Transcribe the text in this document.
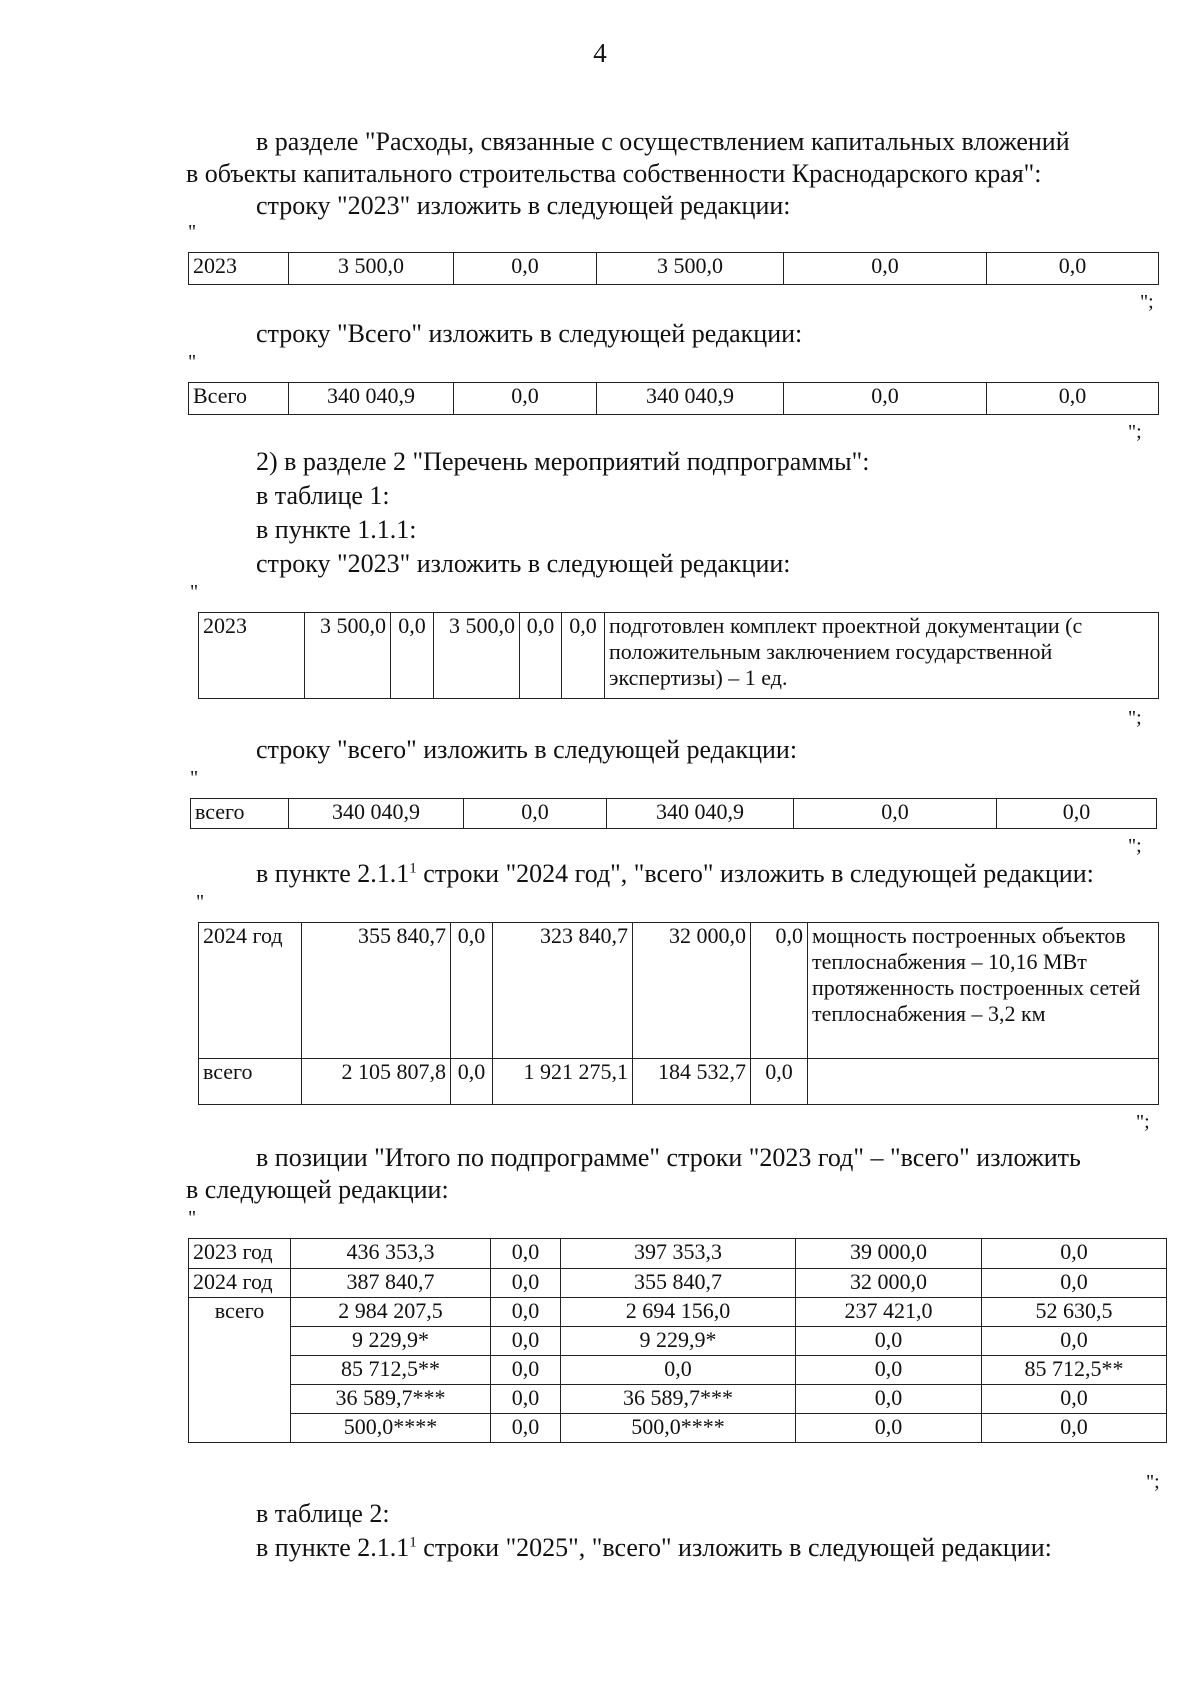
4
в разделе "Расходы, связанные с осуществлением капитальных вложений
в объекты капитального строительства собственности Краснодарского края":
строку "2023" изложить в следующей редакции:
"
2023	3 500,0	0,0	3 500,0	0,0	0,0
";
строку "Всего" изложить в следующей редакции:
"
Всего	340 040,9	0,0	340 040,9	0,0	0,0
";
2) в разделе 2 "Перечень мероприятий подпрограммы":
в таблице 1:
в пункте 1.1.1:
строку "2023" изложить в следующей редакции:
"
2023	3 500,0	0,0	3 500,0	0,0	0,0	подготовлен комплект проектной документации (с положительным заключением государственной экспертизы) – 1 ед.
";
строку "всего" изложить в следующей редакции:
"
всего	340 040,9	0,0	340 040,9	0,0	0,0
";
в пункте 2.1.1$^1$ строки "2024 год", "всего" изложить в следующей редакции:
"
2024 год	355 840,7	0,0	323 840,7	32 000,0	0,0	мощность построенных объектов теплоснабжения – 10,16 МВт протяженность построенных сетей теплоснабжения – 3,2 км
всего	2 105 807,8	0,0	1 921 275,1	184 532,7	0,0	
";
в позиции "Итого по подпрограмме" строки "2023 год" – "всего" изложить
в следующей редакции:
"
2023 год	436 353,3	0,0	397 353,3	39 000,0	0,0
2024 год	387 840,7	0,0	355 840,7	32 000,0	0,0
всего	2 984 207,5	0,0	2 694 156,0	237 421,0	52 630,5
	9 229,9*	0,0	9 229,9*	0,0	0,0
	85 712,5**	0,0	0,0	0,0	85 712,5**
	36 589,7***	0,0	36 589,7***	0,0	0,0
	500,0****	0,0	500,0****	0,0	0,0
";
в таблице 2:
в пункте 2.1.1$^1$ строки "2025", "всего" изложить в следующей редакции:
